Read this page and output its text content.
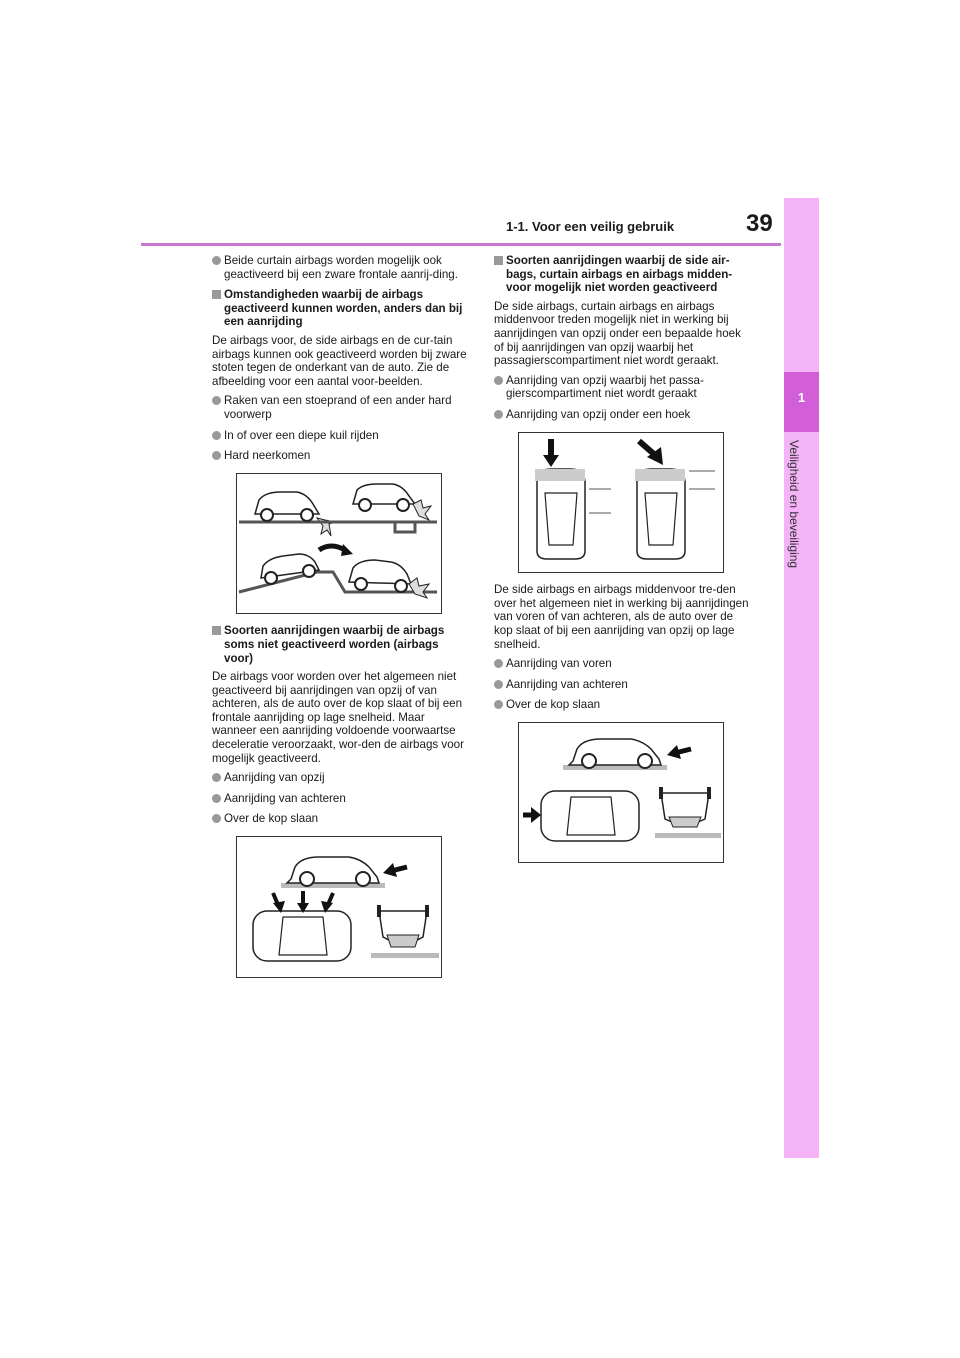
1-1. Voor een veilig gebruik	39
1
Veiligheid en beveiliging
Beide curtain airbags worden mogelijk ook geactiveerd bij een zware frontale aanrij-ding.
Omstandigheden waarbij de airbags geactiveerd kunnen worden, anders dan bij een aanrijding
De airbags voor, de side airbags en de cur-tain airbags kunnen ook geactiveerd worden bij zware stoten tegen de onderkant van de auto. Zie de afbeelding voor een aantal voor-beelden.
Raken van een stoeprand of een ander hard voorwerp
In of over een diepe kuil rijden
Hard neerkomen
Soorten aanrijdingen waarbij de airbags soms niet geactiveerd worden (airbags voor)
De airbags voor worden over het algemeen niet geactiveerd bij aanrijdingen van opzij of van achteren, als de auto over de kop slaat of bij een frontale aanrijding op lage snelheid. Maar wanneer een aanrijding voldoende voorwaartse deceleratie veroorzaakt, wor-den de airbags voor mogelijk geactiveerd.
Aanrijding van opzij
Aanrijding van achteren
Over de kop slaan
Soorten aanrijdingen waarbij de side air-bags, curtain airbags en airbags midden-voor mogelijk niet worden geactiveerd
De side airbags, curtain airbags en airbags middenvoor treden mogelijk niet in werking bij aanrijdingen van opzij onder een bepaalde hoek of bij aanrijdingen van opzij waarbij het passagierscompartiment niet wordt geraakt.
Aanrijding van opzij waarbij het passa-gierscompartiment niet wordt geraakt
Aanrijding van opzij onder een hoek
De side airbags en airbags middenvoor tre-den over het algemeen niet in werking bij aanrijdingen van voren of van achteren, als de auto over de kop slaat of bij een aanrijding van opzij op lage snelheid.
Aanrijding van voren
Aanrijding van achteren
Over de kop slaan
